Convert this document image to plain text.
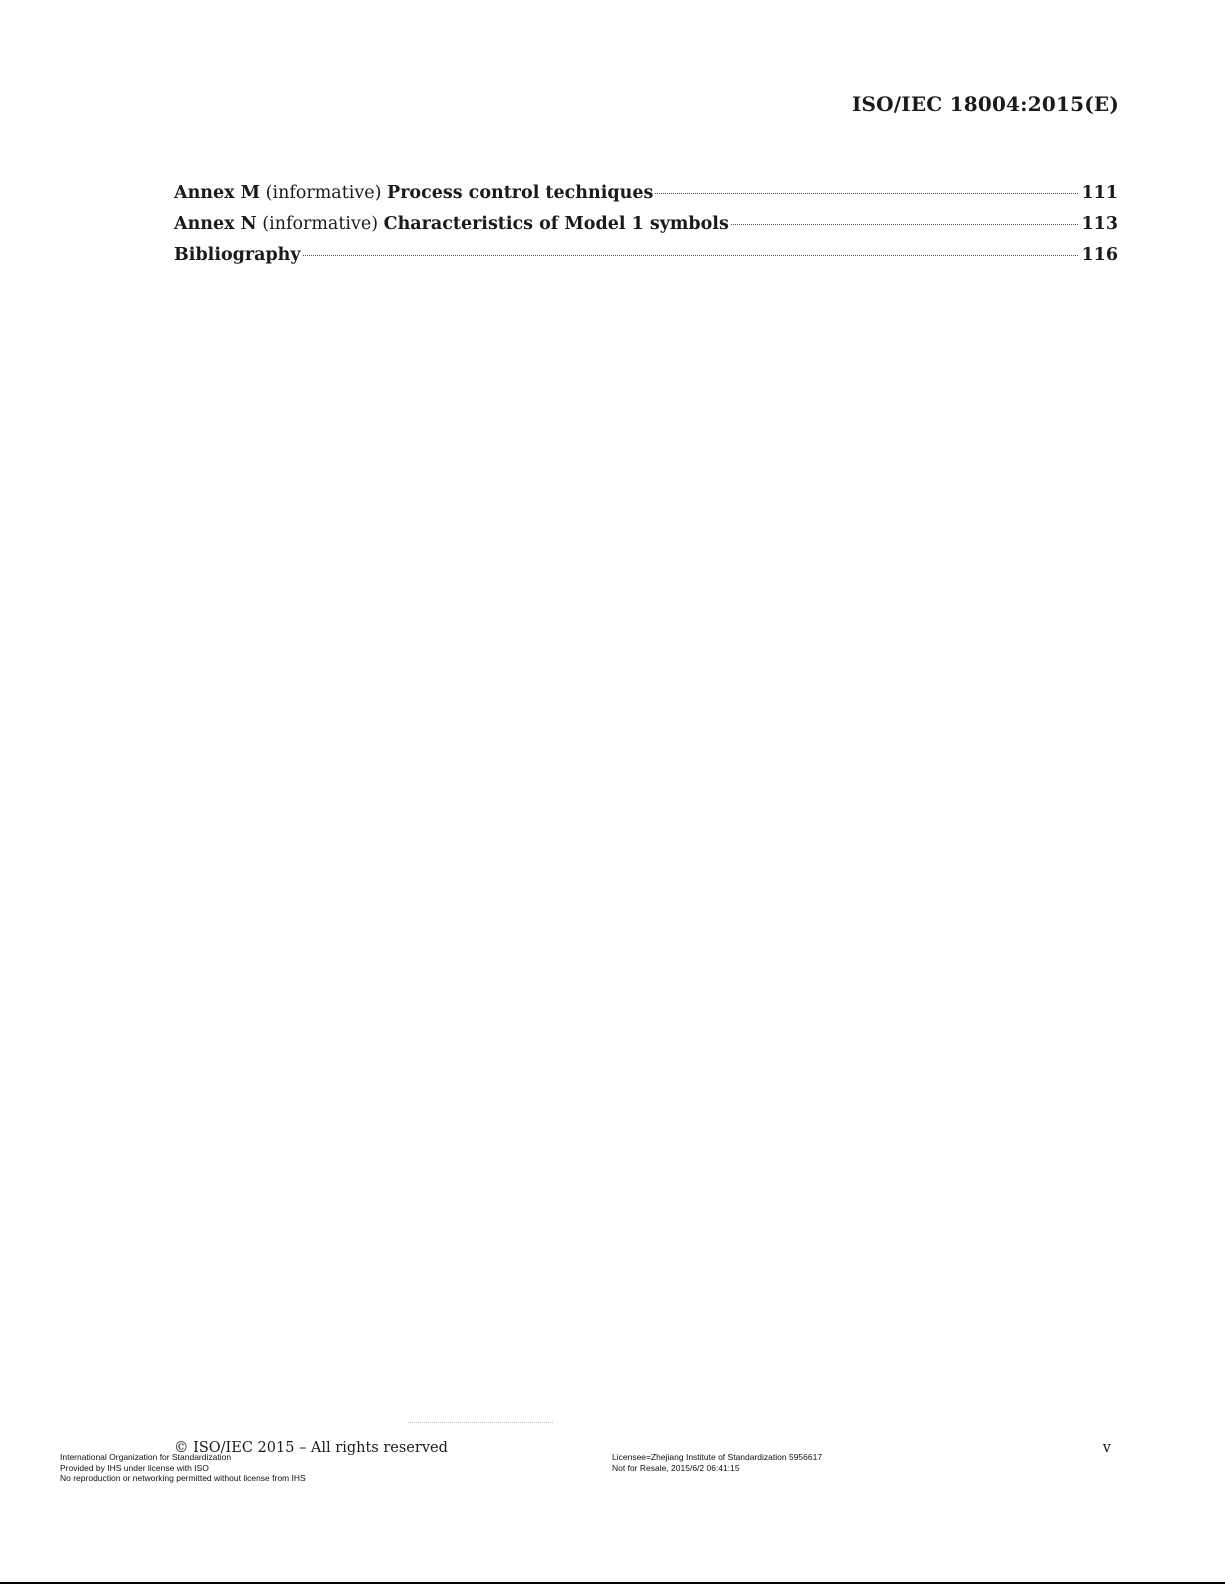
ISO/IEC 18004:2015(E)
Annex M
(informative)
Process control techniques	111
Annex N
(informative)
Characteristics of Model 1 symbols	113
Bibliography	116
© ISO/IEC 2015 – All rights reserved	v
International Organization for Standardization
Provided by IHS under license with ISO
No reproduction or networking permitted without license from IHS
Licensee=Zhejiang Institute of Standardization 5956617
Not for Resale, 2015/6/2 06:41:15
